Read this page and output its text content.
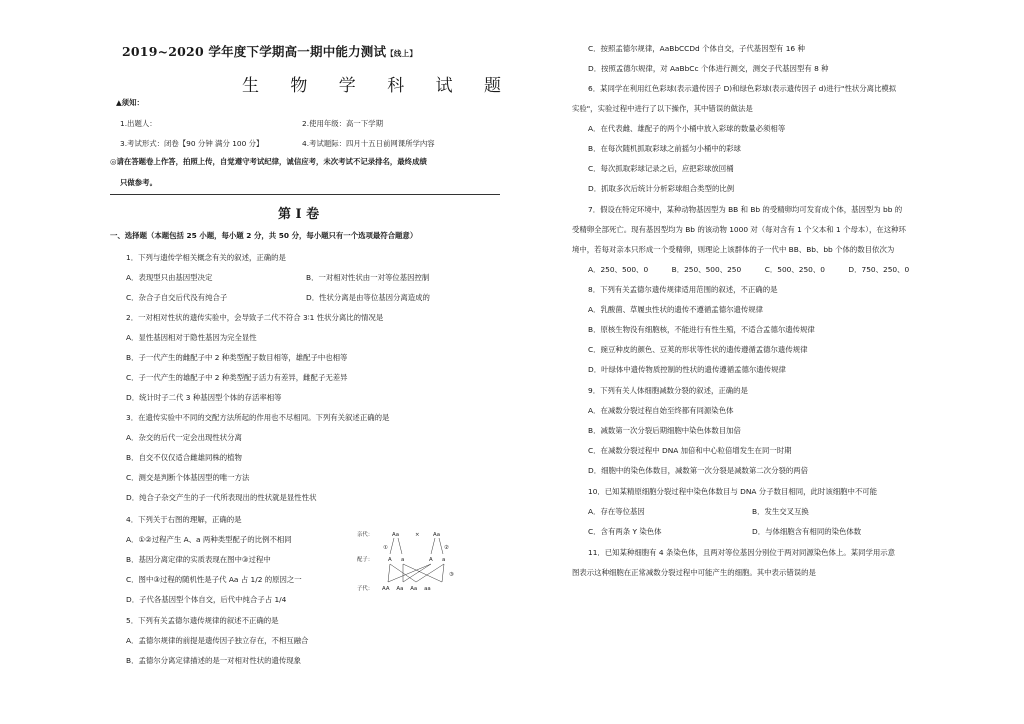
2019~2020 学年度下学期高一期中能力测试【线上】
生 物 学 科 试 题
▲须知：
1.出题人：	2.使用年级：高一下学期
3.考试形式：闭卷【90 分钟 满分 100 分】	4.考试题际：四月十五日前网课所学内容
◎请在答题卷上作答，拍照上传，自觉遵守考试纪律，诚信应考，未次考试不记录排名，最终成绩
只做参考。
第 I 卷
一、选择题（本题包括 25 小题，每小题 2 分，共 50 分，每小题只有一个选项最符合题意）
1．下列与遗传学相关概念有关的叙述，正确的是
A．表现型只由基因型决定	B．一对相对性状由一对等位基因控制
C．杂合子自交后代没有纯合子	D．性状分离是由等位基因分离造成的
2．一对相对性状的遗传实验中，会导致子二代不符合 3∶1 性状分离比的情况是
A．显性基因相对于隐性基因为完全显性
B．子一代产生的雌配子中 2 种类型配子数目相等，雄配子中也相等
C．子一代产生的雄配子中 2 种类型配子活力有差异，雌配子无差异
D．统计时子二代 3 种基因型个体的存活率相等
3．在遗传实验中不同的交配方法所起的作用也不尽相同。下列有关叙述正确的是
A．杂交的后代一定会出现性状分离
B．自交不仅仅适合雌雄同株的植物
C．测交是判断个体基因型的唯一方法
D．纯合子杂交产生的子一代所表现出的性状就是显性性状
4．下列关于右图的理解，正确的是
A．①②过程产生 A、a 两种类型配子的比例不相同
B．基因分离定律的实质表现在图中③过程中
C．图中③过程的随机性是子代 Aa 占 1/2 的原因之一
D．子代各基因型个体自交，后代中纯合子占 1/4
5．下列有关孟德尔遗传规律的叙述不正确的是
A．孟德尔规律的前提是遗传因子独立存在，不相互融合
B．孟德尔分离定律描述的是一对相对性状的遗传现象
亲代：	Aa	× Aa
①	②
配子：	A a	A a
③
子代： AA    Aa    Aa    aa
C．按照孟德尔规律，AaBbCCDd 个体自交，子代基因型有 16 种
D．按照孟德尔规律，对 AaBbCc 个体进行测交，测交子代基因型有 8 种
6．某同学在利用红色彩球(表示遗传因子 D)和绿色彩球(表示遗传因子 d)进行"性状分离比模拟
实验"，实验过程中进行了以下操作，其中错误的做法是
A．在代表雌、雄配子的两个小桶中放入彩球的数量必须相等
B．在每次随机抓取彩球之前摇匀小桶中的彩球
C．每次抓取彩球记录之后，应把彩球放回桶
D．抓取多次后统计分析彩球组合类型的比例
7．假设在特定环境中，某种动物基因型为 BB 和 Bb 的受精卵均可发育成个体，基因型为 bb 的
受精卵全部死亡。现有基因型均为 Bb 的该动物 1000 对（每对含有 1 个父本和 1 个母本），在这种环
境中，若每对亲本只形成一个受精卵，则理论上该群体的子一代中 BB、Bb、bb 个体的数目依次为
A．250、500、0          B．250、500、250          C．500、250、0          D．750、250、0
8．下列有关孟德尔遗传规律适用范围的叙述，不正确的是
A．乳酸菌、草履虫性状的遗传不遵循孟德尔遗传规律
B．原核生物没有细胞核，不能进行有性生殖，不适合孟德尔遗传规律
C．豌豆种皮的颜色、豆荚的形状等性状的遗传遵循孟德尔遗传规律
D．叶绿体中遗传物质控制的性状的遗传遵循孟德尔遗传规律
9．下列有关人体细胞减数分裂的叙述，正确的是
A．在减数分裂过程自始至终都有同源染色体
B．减数第一次分裂后期细胞中染色体数目加倍
C．在减数分裂过程中 DNA 加倍和中心粒倍增发生在同一时期
D．细胞中的染色体数目，减数第一次分裂是减数第二次分裂的两倍
10．已知某精原细胞分裂过程中染色体数目与 DNA 分子数目相同，此时该细胞中不可能
A．存在等位基因	B．发生交叉互换
C．含有两条 Y 染色体	D．与体细胞含有相同的染色体数
11．已知某种细胞有 4 条染色体，且两对等位基因分别位于两对同源染色体上。某同学用示意
图表示这种细胞在正常减数分裂过程中可能产生的细胞。其中表示错误的是
